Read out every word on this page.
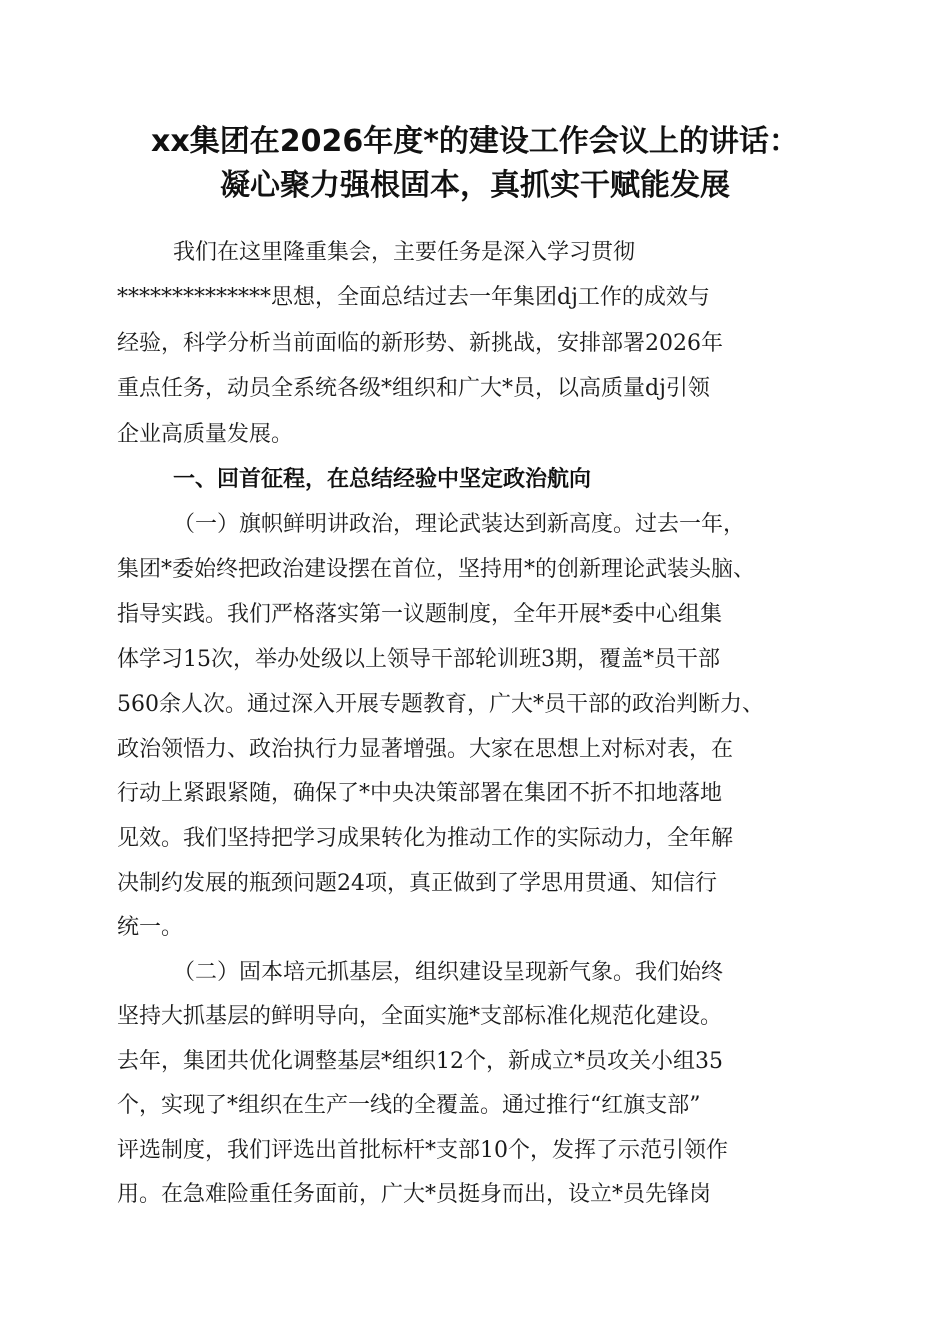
xx集团在2026年度*的建设工作会议上的讲话：
凝心聚力强根固本，真抓实干赋能发展

我们在这里隆重集会，主要任务是深入学习贯彻

**************思想，全面总结过去一年集团dj工作的成效与

经验，科学分析当前面临的新形势、新挑战，安排部署2026年

重点任务，动员全系统各级*组织和广大*员，以高质量dj引领

企业高质量发展。

一、回首征程，在总结经验中坚定政治航向

（一）旗帜鲜明讲政治，理论武装达到新高度。过去一年，

集团*委始终把政治建设摆在首位，坚持用*的创新理论武装头脑、

指导实践。我们严格落实第一议题制度，全年开展*委中心组集

体学习15次，举办处级以上领导干部轮训班3期，覆盖*员干部

560余人次。通过深入开展专题教育，广大*员干部的政治判断力、

政治领悟力、政治执行力显著增强。大家在思想上对标对表，在

行动上紧跟紧随，确保了*中央决策部署在集团不折不扣地落地

见效。我们坚持把学习成果转化为推动工作的实际动力，全年解

决制约发展的瓶颈问题24项，真正做到了学思用贯通、知信行

统一。

（二）固本培元抓基层，组织建设呈现新气象。我们始终

坚持大抓基层的鲜明导向，全面实施*支部标准化规范化建设。

去年，集团共优化调整基层*组织12个，新成立*员攻关小组35

个，实现了*组织在生产一线的全覆盖。通过推行“红旗支部”

评选制度，我们评选出首批标杆*支部10个，发挥了示范引领作

用。在急难险重任务面前，广大*员挺身而出，设立*员先锋岗
